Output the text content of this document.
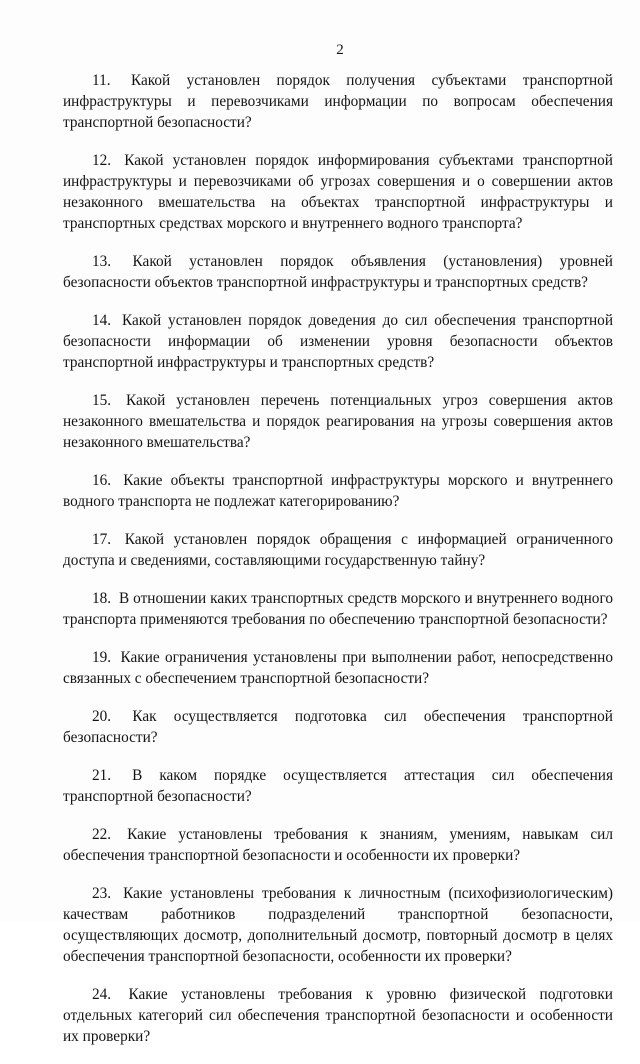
2

11. Какой установлен порядок получения субъектами транспортной инфраструктуры и перевозчиками информации по вопросам обеспечения транспортной безопасности?

12. Какой установлен порядок информирования субъектами транспортной инфраструктуры и перевозчиками об угрозах совершения и о совершении актов незаконного вмешательства на объектах транспортной инфраструктуры и транспортных средствах морского и внутреннего водного транспорта?

13. Какой установлен порядок объявления (установления) уровней безопасности объектов транспортной инфраструктуры и транспортных средств?

14. Какой установлен порядок доведения до сил обеспечения транспортной безопасности информации об изменении уровня безопасности объектов транспортной инфраструктуры и транспортных средств?

15. Какой установлен перечень потенциальных угроз совершения актов незаконного вмешательства и порядок реагирования на угрозы совершения актов незаконного вмешательства?

16. Какие объекты транспортной инфраструктуры морского и внутреннего водного транспорта не подлежат категорированию?

17. Какой установлен порядок обращения с информацией ограниченного доступа и сведениями, составляющими государственную тайну?

18. В отношении каких транспортных средств морского и внутреннего водного транспорта применяются требования по обеспечению транспортной безопасности?

19. Какие ограничения установлены при выполнении работ, непосредственно связанных с обеспечением транспортной безопасности?

20. Как осуществляется подготовка сил обеспечения транспортной безопасности?

21. В каком порядке осуществляется аттестация сил обеспечения транспортной безопасности?

22. Какие установлены требования к знаниям, умениям, навыкам сил обеспечения транспортной безопасности и особенности их проверки?

23. Какие установлены требования к личностным (психофизиологическим) качествам работников подразделений транспортной безопасности, осуществляющих досмотр, дополнительный досмотр, повторный досмотр в целях обеспечения транспортной безопасности, особенности их проверки?

24. Какие установлены требования к уровню физической подготовки отдельных категорий сил обеспечения транспортной безопасности и особенности их проверки?
